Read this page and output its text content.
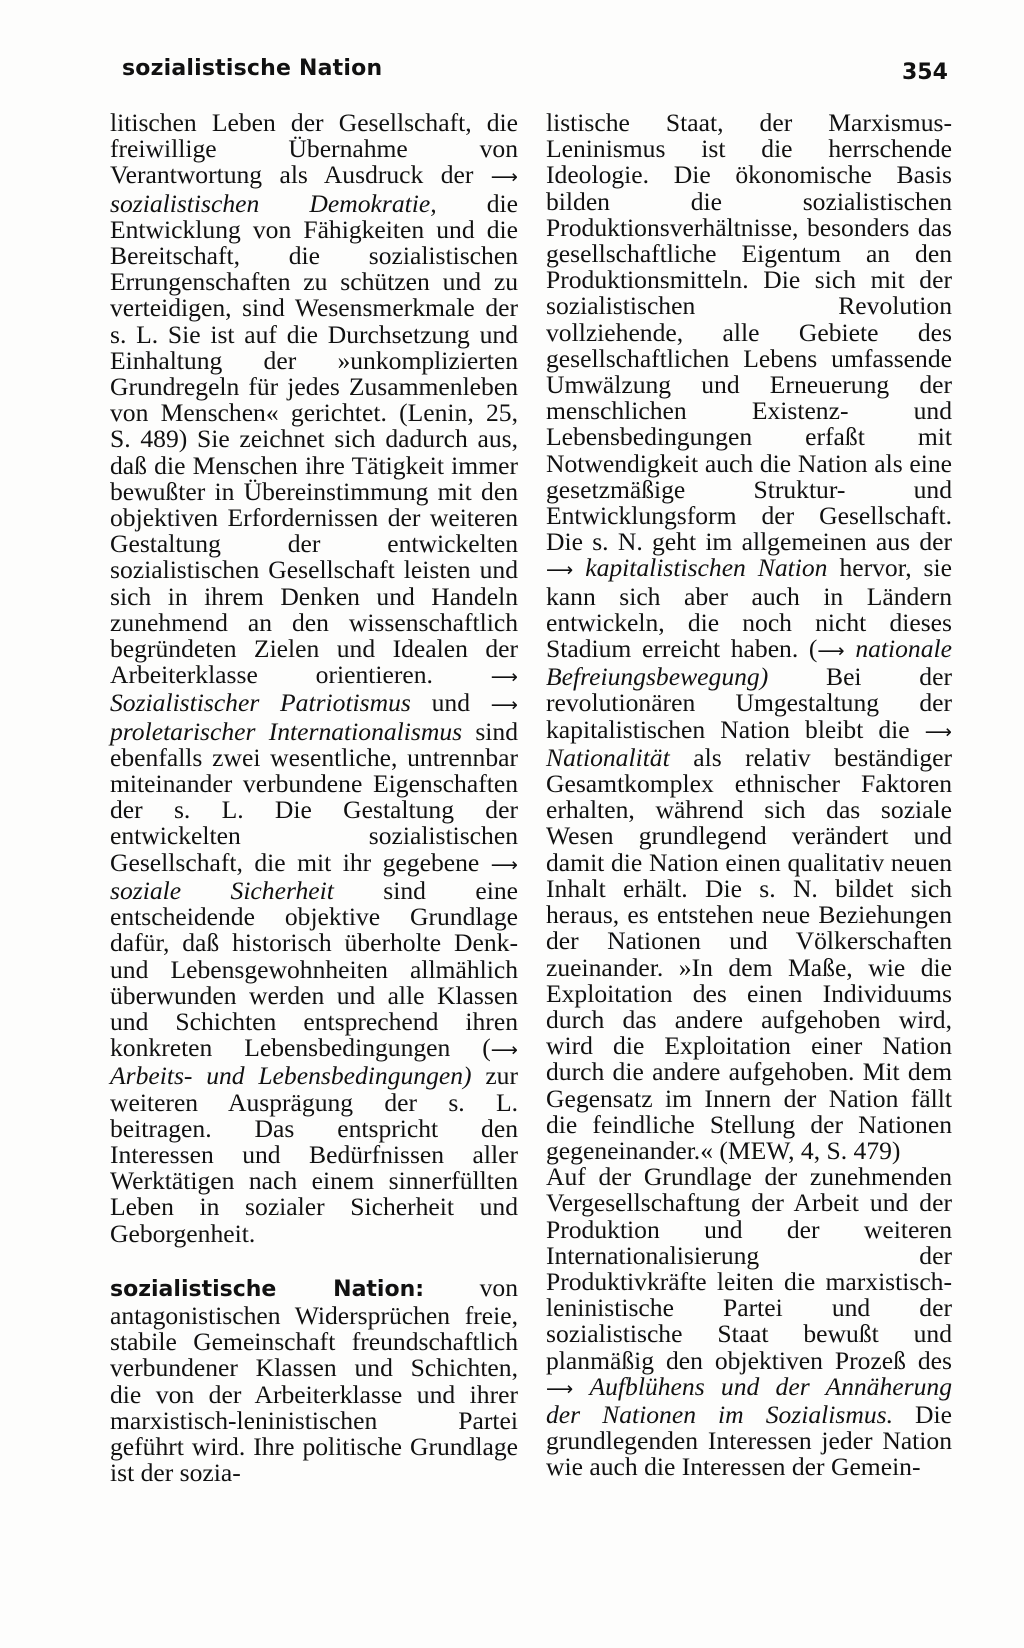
sozialistische Nation	354

litischen Leben der Gesellschaft, die freiwillige Übernahme von Verantwortung als Ausdruck der ⟶ sozialistischen Demokratie, die Entwicklung von Fähigkeiten und die Bereitschaft, die sozialistischen Errungenschaften zu schützen und zu verteidigen, sind Wesensmerkmale der s. L. Sie ist auf die Durchsetzung und Einhaltung der »unkomplizierten Grundregeln für jedes Zusammenleben von Menschen« gerichtet. (Lenin, 25, S. 489) Sie zeichnet sich dadurch aus, daß die Menschen ihre Tätigkeit immer bewußter in Übereinstimmung mit den objektiven Erfordernissen der weiteren Gestaltung der entwickelten sozialistischen Gesellschaft leisten und sich in ihrem Denken und Handeln zunehmend an den wissenschaftlich begründeten Zielen und Idealen der Arbeiterklasse orientieren.	⟶ Sozialistischer Patriotismus und ⟶ proletarischer Internationalismus sind ebenfalls zwei wesentliche, untrennbar miteinander verbundene Eigenschaften der s. L. Die Gestaltung der entwickelten sozialistischen Gesellschaft, die mit ihr gegebene ⟶ soziale Sicherheit sind eine entscheidende objektive Grundlage dafür, daß historisch überholte Denk- und Lebensgewohnheiten allmählich überwunden werden und alle Klassen und Schichten entsprechend ihren konkreten Lebensbedingungen (⟶ Arbeits- und Lebensbedingungen) zur weiteren Ausprägung der s. L. beitragen. Das entspricht den Interessen und Bedürfnissen aller Werktätigen nach einem sinnerfüllten Leben in sozialer Sicherheit und Geborgenheit.

sozialistische Nation: von antagonistischen Widersprüchen freie, stabile Gemeinschaft freundschaftlich verbundener Klassen und Schichten, die von der Arbeiterklasse und ihrer marxistisch-leninistischen Partei geführt wird. Ihre politische Grundlage ist der sozia-

listische Staat, der Marxismus-Leninismus ist die herrschende Ideologie. Die ökonomische Basis bilden die sozialistischen Produktionsverhältnisse, besonders das gesellschaftliche Eigentum an den Produktionsmitteln. Die sich mit der sozialistischen Revolution vollziehende, alle Gebiete des gesellschaftlichen Lebens umfassende Umwälzung und Erneuerung der menschlichen Existenz- und Lebensbedingungen erfaßt mit Notwendigkeit auch die Nation als eine gesetzmäßige Struktur- und Entwicklungsform der Gesellschaft. Die s. N. geht im allgemeinen aus der ⟶ kapitalistischen Nation hervor, sie kann sich aber auch in Ländern entwickeln, die noch nicht dieses Stadium erreicht haben. (⟶ nationale Befreiungsbewegung) Bei der revolutionären Umgestaltung der kapitalistischen Nation bleibt die ⟶ Nationalität als relativ beständiger Gesamtkomplex ethnischer Faktoren erhalten, während sich das soziale Wesen grundlegend verändert und damit die Nation einen qualitativ neuen Inhalt erhält. Die s. N. bildet sich heraus, es entstehen neue Beziehungen der Nationen und Völkerschaften zueinander. »In dem Maße, wie die Exploitation des einen Individuums durch das andere aufgehoben wird, wird die Exploitation einer Nation durch die andere aufgehoben. Mit dem Gegensatz im Innern der Nation fällt die feindliche Stellung der Nationen gegeneinander.« (MEW, 4, S. 479)

Auf der Grundlage der zunehmenden Vergesellschaftung der Arbeit und der Produktion und der weiteren Internationalisierung der Produktivkräfte leiten die marxistisch-leninistische Partei und der sozialistische Staat bewußt und planmäßig den objektiven Prozeß des ⟶ Aufblühens und der Annäherung der Nationen im Sozialismus. Die grundlegenden Interessen jeder Nation wie auch die Interessen der Gemein-
